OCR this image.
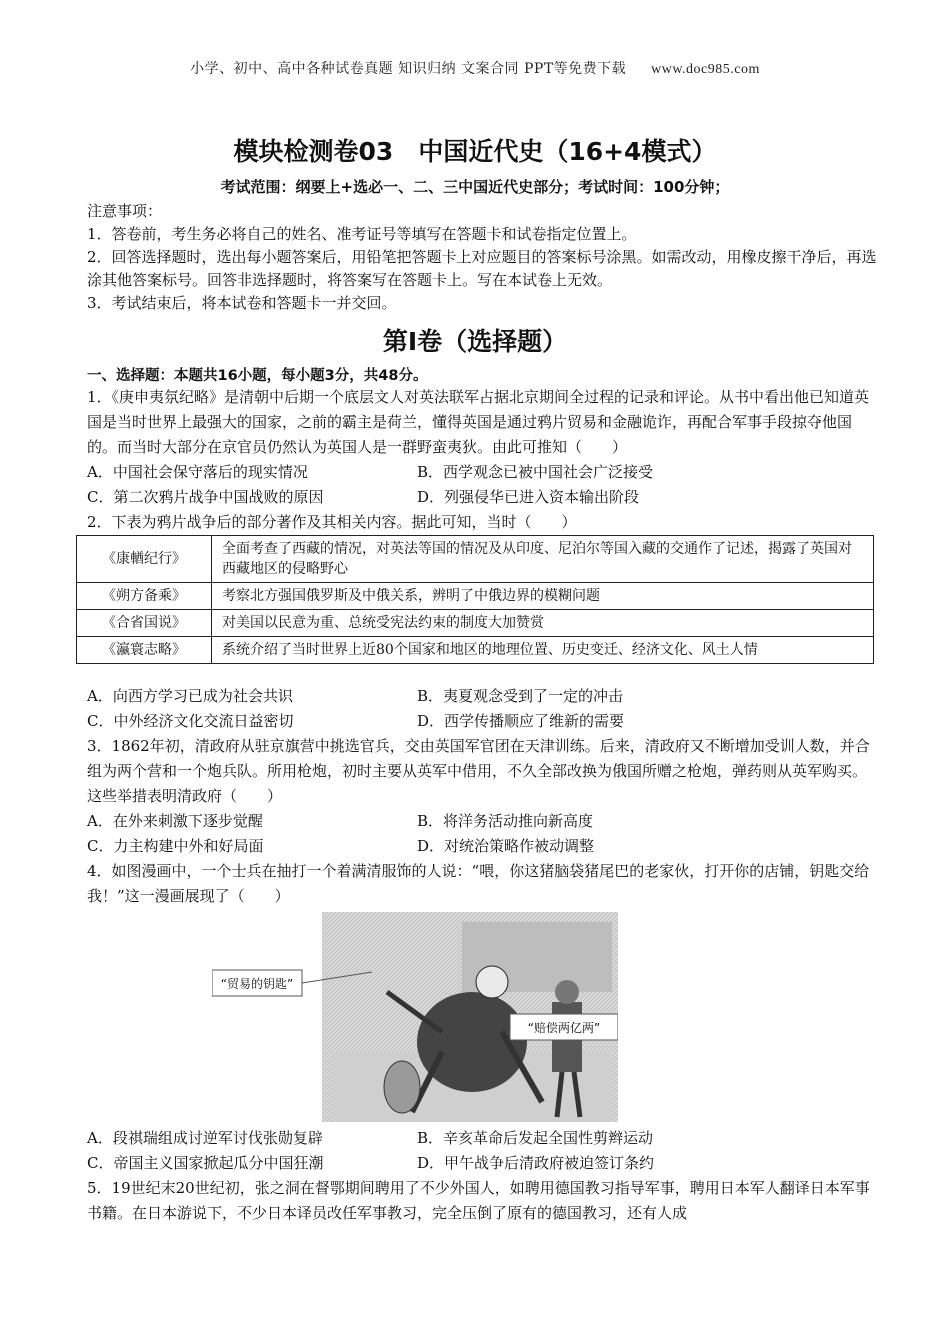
小学、初中、高中各种试卷真题 知识归纳 文案合同 PPT等免费下载 www.doc985.com
模块检测卷03　中国近代史（16+4模式）
考试范围：纲要上+选必一、二、三中国近代史部分；考试时间：100分钟；

注意事项：

1．答卷前，考生务必将自己的姓名、准考证号等填写在答题卡和试卷指定位置上。

2．回答选择题时，选出每小题答案后，用铅笔把答题卡上对应题目的答案标号涂黑。如需改动，用橡皮擦干净后，再选涂其他答案标号。回答非选择题时，将答案写在答题卡上。写在本试卷上无效。

3．考试结束后，将本试卷和答题卡一并交回。

第I卷（选择题）
一、选择题：本题共16小题，每小题3分，共48分。

1．《庚申夷氛纪略》是清朝中后期一个底层文人对英法联军占据北京期间全过程的记录和评论。从书中看出他已知道英国是当时世界上最强大的国家，之前的霸主是荷兰，懂得英国是通过鸦片贸易和金融诡诈，再配合军事手段掠夺他国的。而当时大部分在京官员仍然认为英国人是一群野蛮夷狄。由此可推知（　　）

A．中国社会保守落后的现实情况	B．西学观念已被中国社会广泛接受
C．第二次鸦片战争中国战败的原因	D．列强侵华已进入资本输出阶段

2．下表为鸦片战争后的部分著作及其相关内容。据此可知，当时（　　）

《康輶纪行》	全面考查了西藏的情况，对英法等国的情况及从印度、尼泊尔等国入藏的交通作了记述，揭露了英国对西藏地区的侵略野心
《朔方备乘》	考察北方强国俄罗斯及中俄关系，辨明了中俄边界的模糊问题
《合省国说》	对美国以民意为重、总统受宪法约束的制度大加赞赏
《瀛寰志略》	系统介绍了当时世界上近80个国家和地区的地理位置、历史变迁、经济文化、风土人情
A．向西方学习已成为社会共识	B．夷夏观念受到了一定的冲击
C．中外经济文化交流日益密切	D．西学传播顺应了维新的需要

3．1862年初，清政府从驻京旗营中挑选官兵，交由英国军官团在天津训练。后来，清政府又不断增加受训人数，并合组为两个营和一个炮兵队。所用枪炮，初时主要从英军中借用，不久全部改换为俄国所赠之枪炮，弹药则从英军购买。这些举措表明清政府（　　）

A．在外来刺激下逐步觉醒	B．将洋务活动推向新高度
C．力主构建中外和好局面	D．对统治策略作被动调整

4．如图漫画中，一个士兵在抽打一个着满清服饰的人说：“喂，你这猪脑袋猪尾巴的老家伙，打开你的店铺，钥匙交给我！”这一漫画展现了（　　）

“贸易的钥匙”
“赔偿两亿两”
A．段祺瑞组成讨逆军讨伐张勋复辟	B．辛亥革命后发起全国性剪辫运动
C．帝国主义国家掀起瓜分中国狂潮	D．甲午战争后清政府被迫签订条约

5．19世纪末20世纪初，张之洞在督鄂期间聘用了不少外国人，如聘用德国教习指导军事，聘用日本军人翻译日本军事书籍。在日本游说下，不少日本译员改任军事教习，完全压倒了原有的德国教习，还有人成
